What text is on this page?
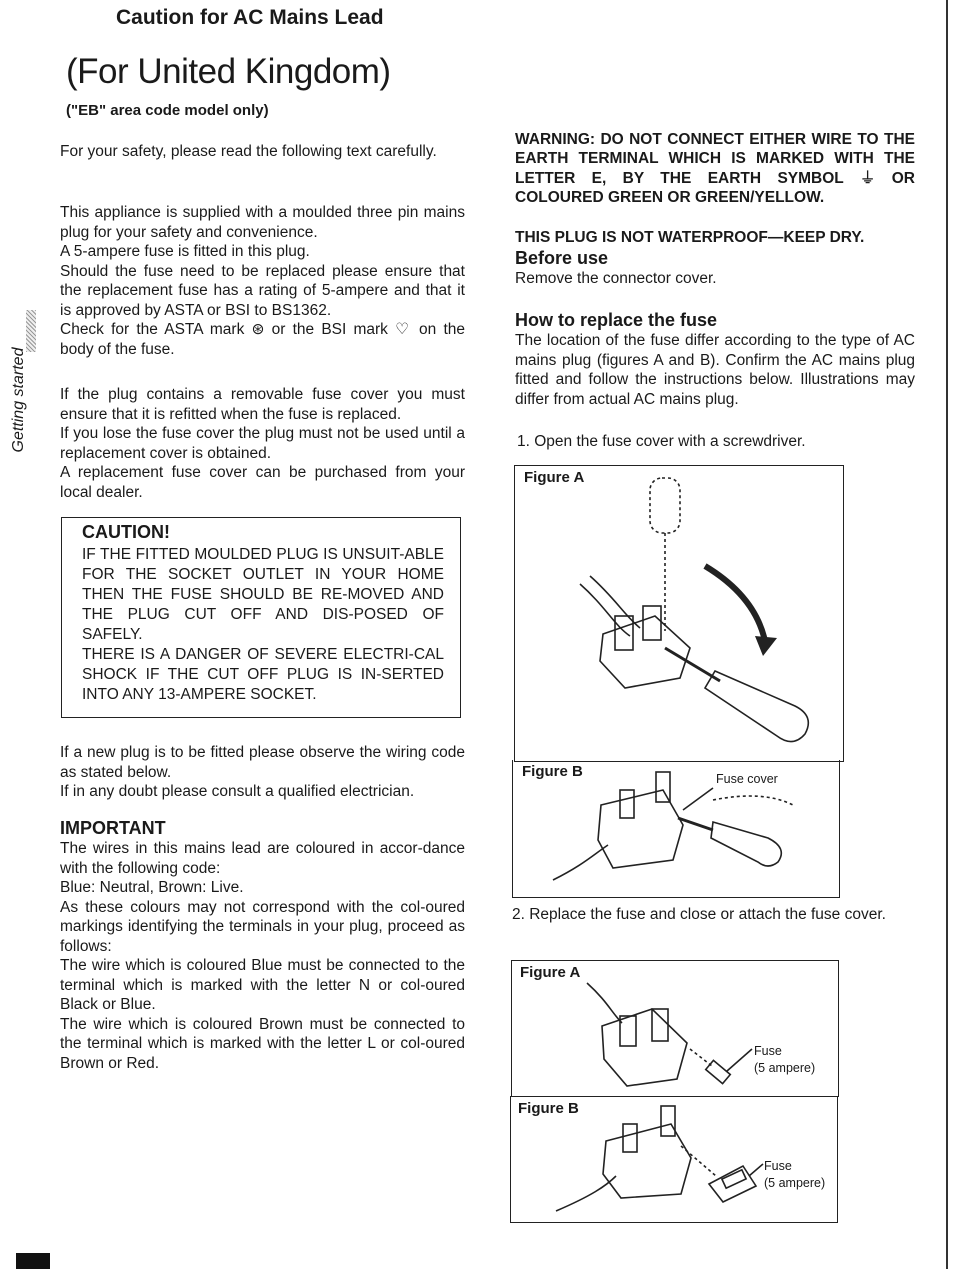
Caution for AC Mains Lead
(For United Kingdom)
("EB" area code model only)
Getting started

For your safety, please read the following text carefully.

This appliance is supplied with a moulded three pin mains plug for your safety and convenience.

A 5-ampere fuse is fitted in this plug.

Should the fuse need to be replaced please ensure that the replacement fuse has a rating of 5-ampere and that it is approved by ASTA or BSI to BS1362.

Check for the ASTA mark ⊛ or the BSI mark ♡ on the body of the fuse.

If the plug contains a removable fuse cover you must ensure that it is refitted when the fuse is replaced.

If you lose the fuse cover the plug must not be used until a replacement cover is obtained.

A replacement fuse cover can be purchased from your local dealer.

CAUTION!

IF THE FITTED MOULDED PLUG IS UNSUIT-ABLE FOR THE SOCKET OUTLET IN YOUR HOME THEN THE FUSE SHOULD BE RE-MOVED AND THE PLUG CUT OFF AND DIS-POSED OF SAFELY.

THERE IS A DANGER OF SEVERE ELECTRI-CAL SHOCK IF THE CUT OFF PLUG IS IN-SERTED INTO ANY 13-AMPERE SOCKET.

If a new plug is to be fitted please observe the wiring code as stated below.

If in any doubt please consult a qualified electrician.

IMPORTANT

The wires in this mains lead are coloured in accor-dance with the following code:

Blue: Neutral, Brown: Live.

As these colours may not correspond with the col-oured markings identifying the terminals in your plug, proceed as follows:

The wire which is coloured Blue must be connected to the terminal which is marked with the letter N or col-oured Black or Blue.

The wire which is coloured Brown must be connected to the terminal which is marked with the letter L or col-oured Brown or Red.

WARNING: DO NOT CONNECT EITHER WIRE TO THE EARTH TERMINAL WHICH IS MARKED WITH THE LETTER E, BY THE EARTH SYMBOL ⏚ OR COLOURED GREEN OR GREEN/YELLOW.

THIS PLUG IS NOT WATERPROOF—KEEP DRY.

Before use

Remove the connector cover.

How to replace the fuse

The location of the fuse differ according to the type of AC mains plug (figures A and B). Confirm the AC mains plug fitted and follow the instructions below. Illustrations may differ from actual AC mains plug.

1. Open the fuse cover with a screwdriver.

Figure A
Figure B	Fuse cover

2. Replace the fuse and close or attach the fuse cover.

Figure A
Fuse
(5 ampere)
Figure B
Fuse
(5 ampere)
